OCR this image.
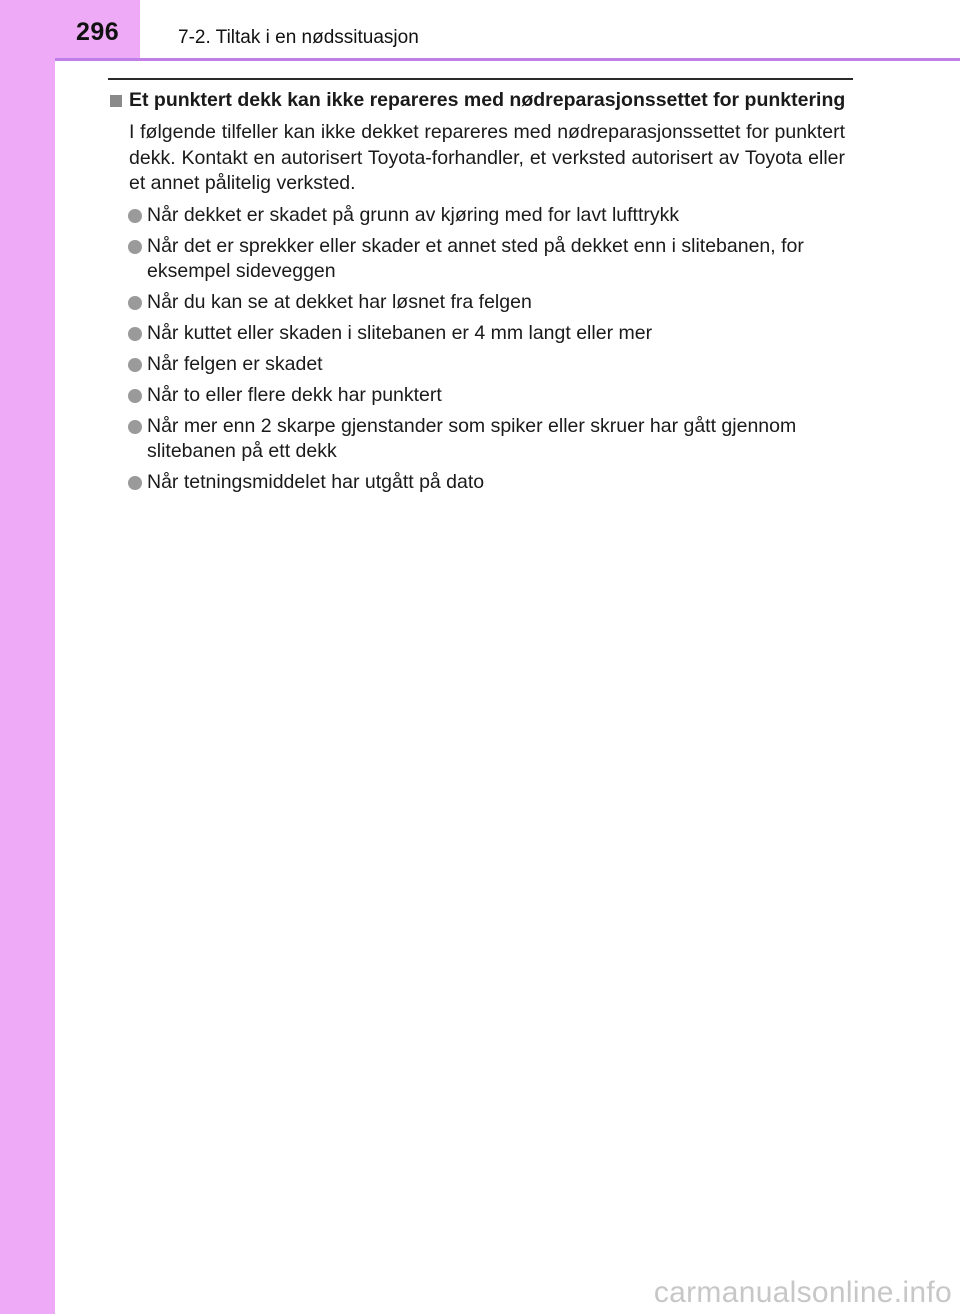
296	7-2. Tiltak i en nødssituasjon
Et punktert dekk kan ikke repareres med nødreparasjonssettet for punktering
I følgende tilfeller kan ikke dekket repareres med nødreparasjonssettet for punktert dekk. Kontakt en autorisert Toyota-forhandler, et verksted autorisert av Toyota eller et annet pålitelig verksted.
Når dekket er skadet på grunn av kjøring med for lavt lufttrykk
Når det er sprekker eller skader et annet sted på dekket enn i slitebanen, for eksempel sideveggen
Når du kan se at dekket har løsnet fra felgen
Når kuttet eller skaden i slitebanen er 4 mm langt eller mer
Når felgen er skadet
Når to eller flere dekk har punktert
Når mer enn 2 skarpe gjenstander som spiker eller skruer har gått gjennom slitebanen på ett dekk
Når tetningsmiddelet har utgått på dato
carmanualsonline.info
